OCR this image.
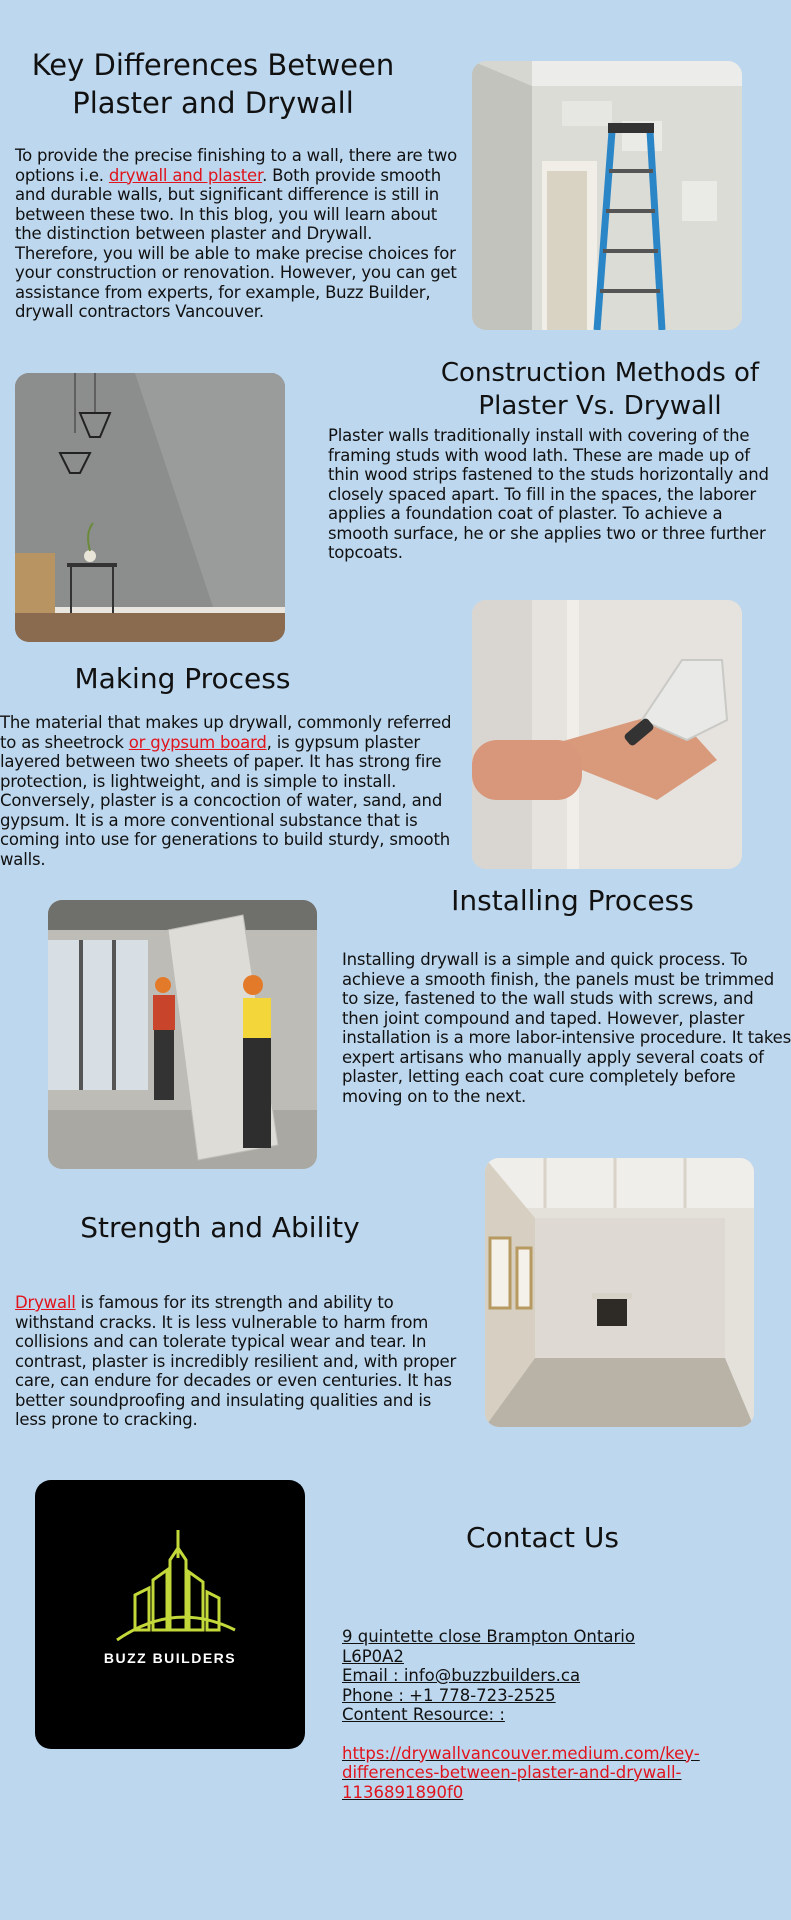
Key Differences Between
Plaster and Drywall

To provide the precise finishing to a wall, there are two options i.e. drywall and plaster. Both provide smooth and durable walls, but significant difference is still in between these two. In this blog, you will learn about the distinction between plaster and Drywall. Therefore, you will be able to make precise choices for your construction or renovation. However, you can get assistance from experts, for example, Buzz Builder, drywall contractors Vancouver.

Construction Methods of
Plaster Vs. Drywall

Plaster walls traditionally install with covering of the framing studs with wood lath. These are made up of thin wood strips fastened to the studs horizontally and closely spaced apart. To fill in the spaces, the laborer applies a foundation coat of plaster. To achieve a smooth surface, he or she applies two or three further topcoats.

Making Process

The material that makes up drywall, commonly referred to as sheetrock or gypsum board, is gypsum plaster layered between two sheets of paper. It has strong fire protection, is lightweight, and is simple to install. Conversely, plaster is a concoction of water, sand, and gypsum. It is a more conventional substance that is coming into use for generations to build sturdy, smooth walls.

Installing Process

Installing drywall is a simple and quick process. To achieve a smooth finish, the panels must be trimmed to size, fastened to the wall studs with screws, and then joint compound and taped. However, plaster installation is a more labor-intensive procedure. It takes expert artisans who manually apply several coats of plaster, letting each coat cure completely before moving on to the next.

Strength and Ability

Drywall is famous for its strength and ability to withstand cracks. It is less vulnerable to harm from collisions and can tolerate typical wear and tear. In contrast, plaster is incredibly resilient and, with proper care, can endure for decades or even centuries. It has better soundproofing and insulating qualities and is less prone to cracking.

BUZZ BUILDERS
Contact Us
9 quintette close Brampton Ontario
L6P0A2
Email : info@buzzbuilders.ca
Phone : +1 778-723-2525
Content Resource: :
https://drywallvancouver.medium.com/key-
differences-between-plaster-and-drywall-
1136891890f0
